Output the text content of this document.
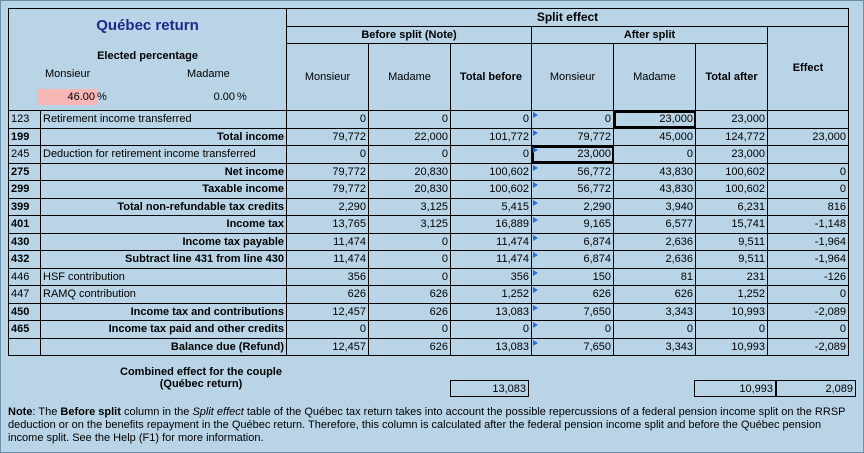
Québec return		Split effect						
		Before split (Note)			After split			Effect

Elected percentage
Monsieur Madame
46.00 % 0.00 %		Monsieur	Madame	Total before	Monsieur	Madame	Total after	
123	Retirement income transferred	0	0	0	0	23,000	23,000	
199	Total income	79,772	22,000	101,772	79,772	45,000	124,772	23,000
245	Deduction for retirement income transferred	0	0	0	23,000	0	23,000	
275	Net income	79,772	20,830	100,602	56,772	43,830	100,602	0
299	Taxable income	79,772	20,830	100,602	56,772	43,830	100,602	0
399	Total non-refundable tax credits	2,290	3,125	5,415	2,290	3,940	6,231	816
401	Income tax	13,765	3,125	16,889	9,165	6,577	15,741	-1,148
430	Income tax payable	11,474	0	11,474	6,874	2,636	9,511	-1,964
432	Subtract line 431 from line 430	11,474	0	11,474	6,874	2,636	9,511	-1,964
446	HSF contribution	356	0	356	150	81	231	-126
447	RAMQ contribution	626	626	1,252	626	626	1,252	0
450	Income tax and contributions	12,457	626	13,083	7,650	3,343	10,993	-2,089
465	Income tax paid and other credits	0	0	0	0	0	0	0
	Balance due (Refund)	12,457	626	13,083	7,650	3,343	10,993	-2,089
Combined effect for the couple
(Québec return)	13,083	10,993	2,089
Note: The Before split column in the Split effect table of the Québec tax return takes into account the possible repercussions of a federal pension income split on the RRSP deduction or on the benefits repayment in the Québec return. Therefore, this column is calculated after the federal pension income split and before the Québec pension income split. See the Help (F1) for more information.
